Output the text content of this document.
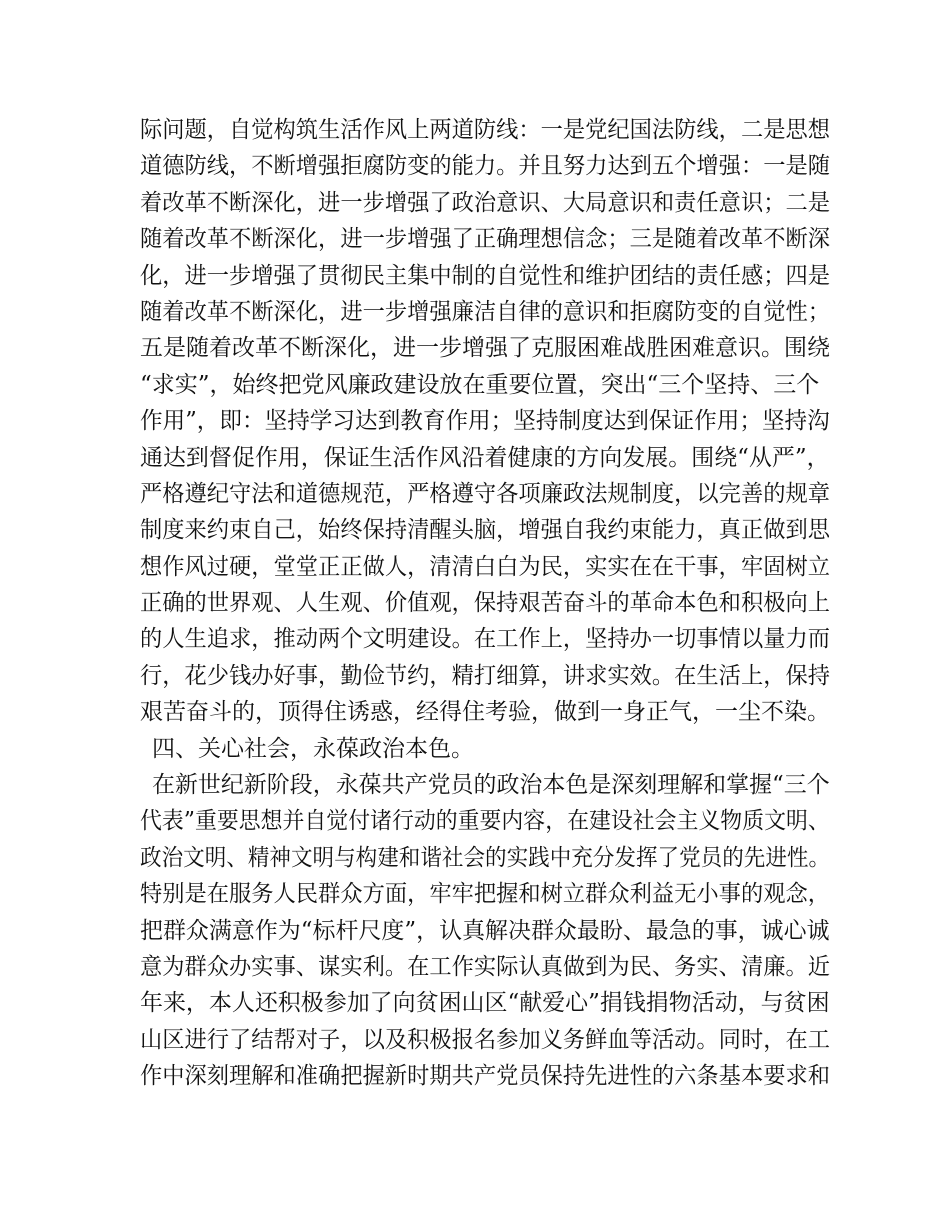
际问题，自觉构筑生活作风上两道防线：一是党纪国法防线，二是思想
道德防线，不断增强拒腐防变的能力。并且努力达到五个增强：一是随
着改革不断深化，进一步增强了政治意识、大局意识和责任意识；二是
随着改革不断深化，进一步增强了正确理想信念；三是随着改革不断深
化，进一步增强了贯彻民主集中制的自觉性和维护团结的责任感；四是
随着改革不断深化，进一步增强廉洁自律的意识和拒腐防变的自觉性；
五是随着改革不断深化，进一步增强了克服困难战胜困难意识。围绕
“求实”，始终把党风廉政建设放在重要位置，突出“三个坚持、三个
作用”，即：坚持学习达到教育作用；坚持制度达到保证作用；坚持沟
通达到督促作用，保证生活作风沿着健康的方向发展。围绕“从严”，
严格遵纪守法和道德规范，严格遵守各项廉政法规制度，以完善的规章
制度来约束自己，始终保持清醒头脑，增强自我约束能力，真正做到思
想作风过硬，堂堂正正做人，清清白白为民，实实在在干事，牢固树立
正确的世界观、人生观、价值观，保持艰苦奋斗的革命本色和积极向上
的人生追求，推动两个文明建设。在工作上，坚持办一切事情以量力而
行，花少钱办好事，勤俭节约，精打细算，讲求实效。在生活上，保持
艰苦奋斗的，顶得住诱惑，经得住考验，做到一身正气，一尘不染。
四、关心社会，永葆政治本色。
在新世纪新阶段，永葆共产党员的政治本色是深刻理解和掌握“三个
代表”重要思想并自觉付诸行动的重要内容，在建设社会主义物质文明、
政治文明、精神文明与构建和谐社会的实践中充分发挥了党员的先进性。
特别是在服务人民群众方面，牢牢把握和树立群众利益无小事的观念，
把群众满意作为“标杆尺度”，认真解决群众最盼、最急的事，诚心诚
意为群众办实事、谋实利。在工作实际认真做到为民、务实、清廉。近
年来，本人还积极参加了向贫困山区“献爱心”捐钱捐物活动，与贫困
山区进行了结帮对子，以及积极报名参加义务鲜血等活动。同时，在工
作中深刻理解和准确把握新时期共产党员保持先进性的六条基本要求和
